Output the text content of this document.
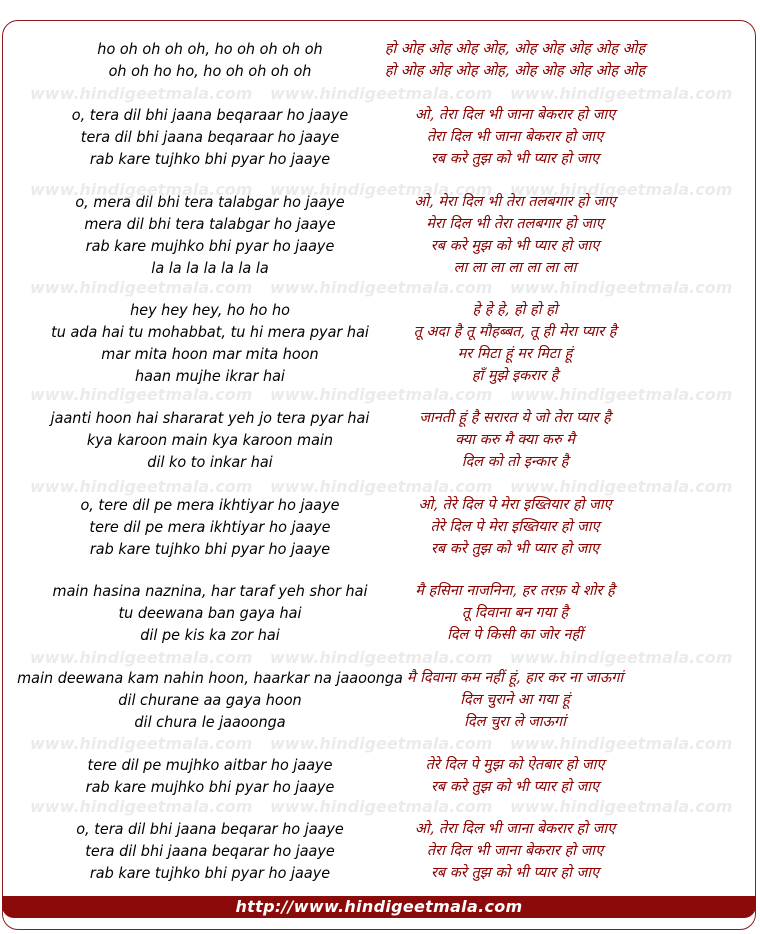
www.hindigeetmala.com www.hindigeetmala.com www.hindigeetmala.com
www.hindigeetmala.com www.hindigeetmala.com www.hindigeetmala.com
www.hindigeetmala.com www.hindigeetmala.com www.hindigeetmala.com
www.hindigeetmala.com www.hindigeetmala.com www.hindigeetmala.com
www.hindigeetmala.com www.hindigeetmala.com www.hindigeetmala.com
www.hindigeetmala.com www.hindigeetmala.com www.hindigeetmala.com
www.hindigeetmala.com www.hindigeetmala.com www.hindigeetmala.com
www.hindigeetmala.com www.hindigeetmala.com www.hindigeetmala.com
ho oh oh oh oh, ho oh oh oh oh	हो ओह ओह ओह ओह, ओह ओह ओह ओह ओह
oh oh ho ho, ho oh oh oh oh	हो ओह ओह ओह ओह, ओह ओह ओह ओह ओह
o, tera dil bhi jaana beqaraar ho jaaye	ओ, तेरा दिल भी जाना बेकरार हो जाए
tera dil bhi jaana beqaraar ho jaaye	तेरा दिल भी जाना बेकरार हो जाए
rab kare tujhko bhi pyar ho jaaye	रब करे तुझ को भी प्यार हो जाए
o, mera dil bhi tera talabgar ho jaaye	ओ, मेरा दिल भी तेरा तलबगार हो जाए
mera dil bhi tera talabgar ho jaaye	मेरा दिल भी तेरा तलबगार हो जाए
rab kare mujhko bhi pyar ho jaaye	रब करे मुझ को भी प्यार हो जाए
la la la la la la la	ला ला ला ला ला ला ला
hey hey hey, ho ho ho	हे हे हे, हो हो हो
tu ada hai tu mohabbat, tu hi mera pyar hai	तू अदा है तू मौहब्बत, तू ही मेरा प्यार है
mar mita hoon mar mita hoon	मर मिटा हूं मर मिटा हूं
haan mujhe ikrar hai	हाँ मुझे इकरार है
jaanti hoon hai shararat yeh jo tera pyar hai	जानती हूं है सरारत ये जो तेरा प्यार है
kya karoon main kya karoon main	क्या करु मै क्या करु मै
dil ko to inkar hai	दिल को तो इन्कार है
o, tere dil pe mera ikhtiyar ho jaaye	ओ, तेरे दिल पे मेरा इख्तियार हो जाए
tere dil pe mera ikhtiyar ho jaaye	तेरे दिल पे मेरा इख्तियार हो जाए
rab kare tujhko bhi pyar ho jaaye	रब करे तुझ को भी प्यार हो जाए
main hasina naznina, har taraf yeh shor hai	मै हसिना नाजनिना, हर तरफ़ ये शोर है
tu deewana ban gaya hai	तू दिवाना बन गया है
dil pe kis ka zor hai	दिल पे किसी का जोर नहीं
main deewana kam nahin hoon, haarkar na jaaoonga मै दिवाना कम नहीं हूं, हार कर ना जाऊगां
dil churane aa gaya hoon	दिल चुराने आ गया हूं
dil chura le jaaoonga	दिल चुरा ले जाऊगां
tere dil pe mujhko aitbar ho jaaye	तेरे दिल पे मुझ को ऐतबार हो जाए
rab kare mujhko bhi pyar ho jaaye	रब करे तुझ को भी प्यार हो जाए
o, tera dil bhi jaana beqarar ho jaaye	ओ, तेरा दिल भी जाना बेकरार हो जाए
tera dil bhi jaana beqarar ho jaaye	तेरा दिल भी जाना बेकरार हो जाए
rab kare tujhko bhi pyar ho jaaye	रब करे तुझ को भी प्यार हो जाए
http://www.hindigeetmala.com
